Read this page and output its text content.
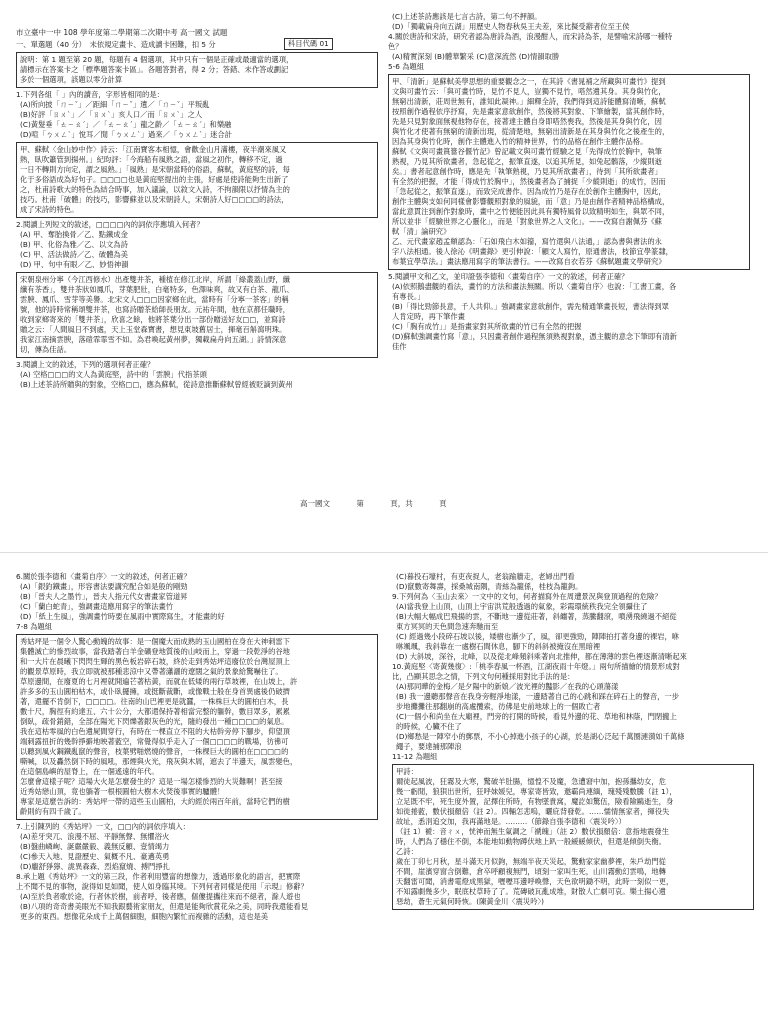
市立臺中一中 108 學年度第二學期第二次期中考 高一國文 試題
科目代碼 01
一、單選題（40 分）　未依規定畫卡、造成讀卡困難，扣 5 分
說明：第 1 題至第 20 題，每題有 4 個選項，其中只有一個是正確或最適當的選項，
請標示在答案卡之「標準題答案卡區」。各題答對者，得 2 分；答錯、未作答或劃記
多於一個選項，該題以零分計算
1.下列各組「 」內的讀音，字形皆相同的是：
(A)所向披「ㄇㄧˇ」／距細「ㄇㄧˇ」遺／「ㄇㄧˇ」平叛亂
(B)好評「ㄖㄨˋ」／「ㄖㄨˋ」亥人口／而「ㄖㄨˋ」之人
(C)黃髮垂「ㄊㄧㄠˊ」／「ㄊㄧㄠˊ」龍之齡／「ㄊㄧㄠˊ」和樂融
(D)喧「ㄅㄨㄥˋ」悅耳／閒「ㄅㄨㄥˋ」過來／「ㄅㄨㄥˋ」迷合計
甲、蘇軾〈金山妙中作〉詩云：「江南寶客本相憶，會歡金山月滿樓，夜半潮來風又
熱，臥吹簫管到揚州。」紀昀評：「今海船有風熟之語，當風之初作，轉移不定，過
一日不轉則方向定，謂之風熟。」「風熟」是宋朝當時的俗語，蘇軾，黃庭堅的詩，每
化于多俗語成為好句子。□□□□也是黃庭堅提出的主張，好處是使詩能夠生出新了
之，杜甫詩歌大的特色為結合時事，加入議論，以敘文入詩，不拘韻限以抒情為主的
技巧。杜甫「破體」的技巧，影響蘇並以及宋朝詩人，宋朝詩人好□□□□的詩法，
成了宋詩的特色。
2.閱讀上列短文的敘述，□□□□內的詞依序應填入何者？
(A) 甲、奪胎換骨／乙、點鐵成金
(B) 甲、化俗為雅／乙、以文為詩
(C) 甲、活法做詩／乙、破體為美
(D) 甲、句中有眼／乙、妙悟神韻
宋朝泉州分寧（今江西修水）出產雙井茶，種植在修江北岸，所謂「綠叢蓋山野，纖
纖有茶香」，雙井茶狀如鳳爪，芽葉肥壯，白毫特多，色澤味爽，故又有白茶、龍爪、
雲腴、鳳爪、雪芽等美譽。北宋文人□□□因家鄉在此，當時有「分寧一茶客」的稱
號，他的詩時常稱頌雙井茶，也寫詩贈茶給師長朋友。元祐年間，他在京都任職時，
收到家鄉寄來的「雙井茶」，欣喜之餘，他將茶葉分出一部份贈送好友□□，並寫詩
贈之云：「人間風日不到處，天上玉堂森寶書，想見東坡舊居士，揮毫百斛瀉明珠。
我家江南摘雲腴，落磑霏霏雪不如。為君喚起黃州夢，獨載扁舟向五湖。」詩情深意
切，傳為佳話。
3.閱讀上文的敘述，下列的選項何者正確？
(A) 空格□□□的文人為黃庭堅，詩中的「雲腴」代指茶頭
(B)上述茶詩所贈與的對象，空格□□，應為蘇軾，從詩意推斷蘇軾曾經被貶謫到黃州
(C)上述茶詩應該是七言古詩，第二句不押韻。
(D)「獨載扁舟向五湖」用歷史人物春秋吳王夫差，來比擬受辭者位至王侯
4.關於唐詩和宋詩，研究者認為唐詩為酒，浪漫酣人，而宋詩為茶，是譬喻宋詩哪一種特
色？
(A)精實深刻 (B)體華繁采 (C)意深流然 (D)情韻取勝
5-6 為題組
甲、「清新」是蘇軾美學思想的重要觀念之一，在其詩《書晁補之所藏與可畫竹》提到
文與可畫竹云：「與可畫竹時，見竹不見人，豈獨不見竹，嗒然遺其身。其身與竹化，
無窮出清新，莊周世無有，誰知此凝神。」細釋全詩，我們得到這詩能體寫清晰，蘇軾
按照創作過程依序抒寫，先是畫家意欲創作，然後將其對象、下筆繪製，當其創作時，
先是只見對象面無視他物存在，接著達主體自身即嗒然喪我，然後是其身與竹化，因
與竹化才使著有無窮的清新出現，從清楚地，無窮出清新是在其身與竹化之後產生的，
因為其身與竹化時，創作主體進入竹的精神世界，竹的品格在創作主體作品格。
蘇軾《文與可畫篔簹谷偃竹記》曾記載文與可畫竹經驗之見「先得成竹於胸中，執筆
熟視，乃見其所欲畫者，急起從之，振筆直遂，以追其所見，如兔起鶻落，少縱則逝
矣。」書者起意創作時，應是先「執筆熟視，乃見其所欲畫者」，待到「其所欲畫者」
有全然的把握，才能「得成竹於胸中」，然後畫者為了捕捉「少縱則逝」的成竹，因而
「急起從之，振筆直遂」，而致完成書作。因為成竹乃是存在於創作主體胸中，因此，
創作主體與支如何同樣會影響觀照對象的風貌，而「意」乃是由創作者精神品格構成，
當此意貫注到創作對象時，畫中之竹便能因此具有獨特風骨以致精明如生，與眾不同，
所以並非「經驗世界之心靈化」，而是「對象世界之人文化」。——改寫自謝佩芬《蘇
軾「清」論研究》
乙、元代畫家趙孟頫認為：「石如飛白木如籀，寫竹還與八法通，」認為書與書法的永
字八法相通。後人徐沁《明畫錄》更引伸說：「顧文人寫竹，原通書法，枝節宜學篆隸，
布葉宜學草法。」畫法應用寫字的筆法書行。——改寫自衣若芬《蘇軾題畫文學研究》
5.閱讀甲文和乙文，並印證張李德和〈畫菊自序〉一文的敘述，何者正確？
(A)依照鵝盡觀的看法，畫竹的方法和畫法無關。所以〈畫菊自序〉也說：「工書工畫，各
有專長。」
(B)「得比勁節長意，千人共仰。」強調畫家意欲創作，需先精通筆畫長短，書法得到眾
人肯定時，再下筆作畫
(C)「胸有成竹」」是指畫家對其所欲畫的竹已有全然的把握
(D)蘇軾強調畫竹寫「意」，只因畫者創作過程無須熟視對象，憑主觀的意念下筆即有清新
佳作
高一國文 第 頁，共 頁
6.關於張李德和〈畫菊自序〉一文的敘述，何者正確？
(A)「銀釣鐵畫」，形容書法要講究配合如是般的剛勁
(B)「晉夫人之墨竹」，晉夫人指元代女書畫家管道昇
(C)「蘭白蛇青」，強調畫這應用寫字的筆法畫竹
(D)「紙上生風」，強調畫竹時要在風雨中實際寫生，才能畫的好
7-8 為題組
秀姑坪是一個令人驚心動魄的故事：是一個魔大而成熟的玉山國柏在身在大神刺雷下
集體滅亡的慘烈故事，當我踏著白羊金礦登地質後的山岐而上，穿過一段乾淨的谷地
和一大片在晨曦下閃閃生輝的黑色板岩碎石坡，終於走到秀姑坪這廢位於台灣屋頂上
的觀景草原時，我立即就被那種悲涼中又帶著瀟灑的遼闊之氣的景象給驚嚇住了。
草原邊間，在廢夏的七月裡就開遍芒著枯黃，而就在低矮的兩行草坡裡，在山坡上，許
許多多的玉山圓柏枯木，或仆臥擺擁，或挺斷裁斷，或像戰士般在身首異處後仍破擠
著，還擺不肯倒下，□□□□。往南的山巴裡更是就蠶，一株株巨大的圓柏白木，長
數十尺，胸徑有約達五、六十公分，大都還保持著相當完整的軀幹，數目眾多，累累
倒臥，疏骨銷錯，全部在陽光下閃爍著銀灰色的光，隨約發出一種□□□□的氣息。
我在這枯零風的白色遺屍間穿行，有時在一棵直立不阻的大枯幹旁停下腳步，仰望頂
端刺露扭折的幾幹掙擗地映著藍空，常覺得似乎走入了一個□□□□的戰場，彷彿可
以聽到風火鋼鐵亂竄的聲音，枝葉劈啪燃燒的聲音，一株棵巨大的圓柏在□□□□的
嘶喊，以及轟然倒下時的風吼，那煙與火光，飛灰與木屑，遮去了半邊天，風雲變色，
在這個島嶼的屋脊上，在一個遙遠的年代。
怎麼會這樣子呢？這場大火是怎麼發生的？這是一場怎樣慘烈的大災難啊！甚至接
近秀姑戀山頂，竟也躺著一根根圓柏大樹木火焚後事實的驢體！
專家是這麼告訴的：秀姑坪一帶的這些玉山圓柏，大約經於兩百年前，當時它們的樹
齡則約有四千歲了。
7.上引陳列的《秀姑坪》一文，□□內的詞依序填入：
(A)差牙突兀、浪漫不屈、平靜無聲、無懼浴火
(B)盤曲嶙峋、誕嚴嚴毅、義無反顧、壹情竭力
(C)參天入地、見證歷史、氣概不凡、豪邁英勇
(D)龐舒猙獰、詭異森森、烈焰竄燒、搏鬥掙扎
8.承上題《秀姑坪》一文的第三段，作者利用豐富的想像力，透過形象化的語言，把實際
上不聞不見的事物，說得如見如聞，使人如身臨其境。下列何者同樣是使用「示現」修辭？
(A)至於負者歌於途，行者休於樹，前者呼，後者應，傴僂提攜往來而不絕者，滁人遊也
(B)八項的奇奇書美眼光不知我跟藝術家朋友，但還是能夠欣賞花朵之美，同時我還能看見
更多的東西。想像花朵成千上萬個細胞，細胞內繁忙而複雜的活動，這也是美
(C)暮投石壕村，有吏夜捉人，老翁踰牆走，老婦出門看
(D)竄數寄舞壽，採桑城南隅，青絲為籠係，桂枝為籠鉤。
9.下列何為〈玉山去來〉一文中的文句，何者描寫外在周遭景況與登頂過程的危險？
(A)當我登上山頂，山頂上宇宙洪荒般透過的氣象，彩霞環統秩我完全領攝住了
(B)大幅大幅成巴飛揚的雲，不斷地一邊從莊著，斜纏著，蒸騰翻滾，噴湧飛繞過不絕從
東方冥冥的天色間急速奔馳而至
(C) 經過幾小段碎石坡以後，矮樹也漸少了，風，卻更強勁，陣陣拍打著身邊的裸岩，咻
咻颯颯，我斜靠在一處樹石間休息，腳下的斜斜被掩沒在黑暗裡
(D) 大斜坡，深谷，北峰，以及從北峰頻斜乘著向北推伸，都在薄薄的雲色裡逐漸清晰起來
10.黃庭堅〈寄黃幾復〉:「桃李春風一杯酒，江湖夜雨十年燈。」兩句所描繪的情景形成對
比，凸顯其思念之情，下列文句何種採用對比手法的是：
(A)那同曄的金梅／是夕陽中的新娘／波光裡的豔影／在我的心頭蕩漾
(B) 我一邊聽那聲音在我身旁輕淨地漾，一邊踏著自己的心跳和踩在碎石上的聲音，一步
步地攤攤往那翻崩的高處攬索，彷佛是史前地球上的一個敗亡者
(C)一個小和尚坐在大廟裡，門旁的打開的時候，看見外邊的花、草地和林蔭，門閉攏上
的時候，心臟不住了
(D)鄉愁是一陣窄小的郵票，不小心掉進小孩子的心湖，於是湖心泛起千萬圈漣漪如千萬條
繩子，要達捕那陣浪
11-12 為題組
甲詩：
爾徒起風波，狂霧及大寒，驚破羊肚腸，憶惶不及魔，急遭窘中加，抱孫攜幼女，危
幾一虧閒，狼狽出世所，狂呼妹媛兒，專家寄皆致，邀霸尚連緬，瑰殘殘數騰（註 1），
立足既不牢，死生度外置，記擇住所時，有物墜貴窩，魔訖如驚伍，險看險鷗逝生，身
如徙捲藍，數伏損顏倍（註 2）。四輛怎悲嗚，曬庇背發乾。……懦情無家者，揮役失
故址，悉涓追交加，我再滿地是。………（節錄自張李德和〈震災吟〉）
（註 1）褫：音ㄔㄨ，恍神而無生氣調之「褫魄」（註 2）數伏損顏倍：意指地震發生
時，人們為了穩住不倒，本能地如動物蹲伏地上趴一般緩緩傾伏，但還是傾倒失衡。
乙詩：
歲在丁卯七月秋，星斗滿天月似鉤，無端半夜天災起，驚動家家幽夢裡，朱戶劫門從
不間，崖濱穿窗含倒難，倉卒呼顧複無門，頃刻一家叫生死，山川霧動幻雲鳴，地轉
天翻雷可聞，消書電燈成黑獄，嚦嚦耳邊呼喚聲，天色欲明鋤不明，此時一刻似一更，
不知露劇幾多少，眠底杖草時了了。荒磚破瓦亂成堆，財散人亡劇可哀。樂土揚心遺
惡劫，蒼生元氣何時恢。(陳黃金川〈震災吟〉)
